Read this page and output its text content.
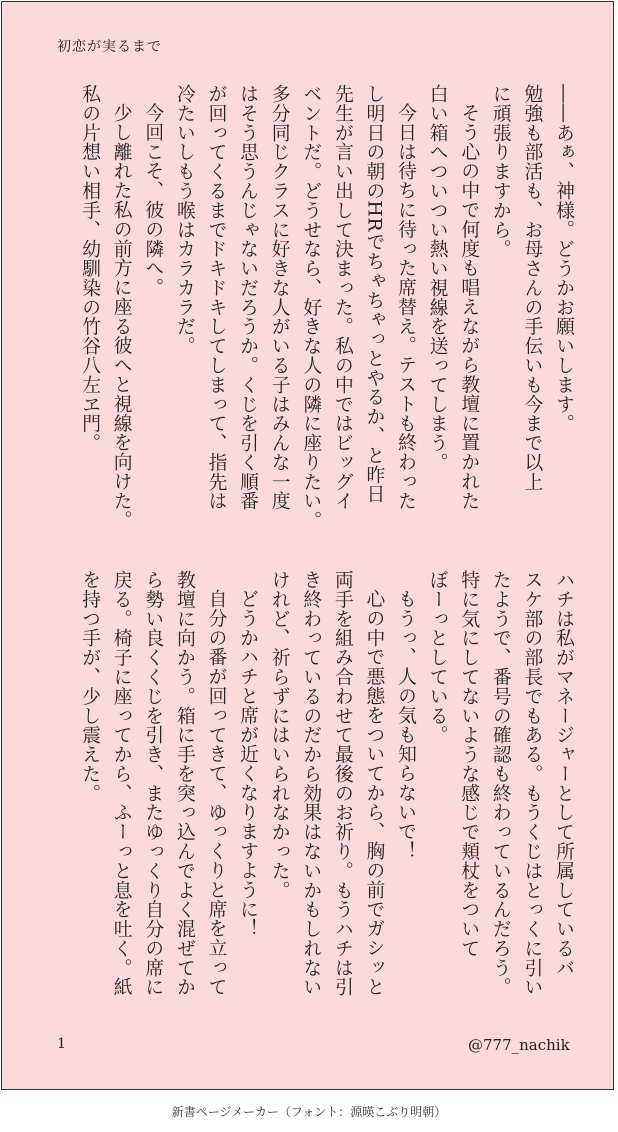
初恋が実るまで
――あぁ、神様。どうかお願いします。
勉強も部活も、お母さんの手伝いも今まで以上
に頑張りますから。
そう心の中で何度も唱えながら教壇に置かれた
白い箱へついつい熱い視線を送ってしまう。
今日は待ちに待った席替え。テストも終わった
し明日の朝のHRでちゃちゃっとやるか、と昨日
先生が言い出して決まった。私の中ではビッグイ
ベントだ。どうせなら、好きな人の隣に座りたい。
多分同じクラスに好きな人がいる子はみんな一度
はそう思うんじゃないだろうか。くじを引く順番
が回ってくるまでドキドキしてしまって、指先は
冷たいしもう喉はカラカラだ。
今回こそ、彼の隣へ。
少し離れた私の前方に座る彼へと視線を向けた。
私の片想い相手、幼馴染の竹谷八左ヱ門。
ハチは私がマネージャーとして所属しているバ
スケ部の部長でもある。もうくじはとっくに引い
たようで、番号の確認も終わっているんだろう。
特に気にしてないような感じで頬杖をついて
ぼーっとしている。
もうっ、人の気も知らないで！
心の中で悪態をついてから、胸の前でガシッと
両手を組み合わせて最後のお祈り。もうハチは引
き終わっているのだから効果はないかもしれない
けれど、祈らずにはいられなかった。
どうかハチと席が近くなりますように！
自分の番が回ってきて、ゆっくりと席を立って
教壇に向かう。箱に手を突っ込んでよく混ぜてか
ら勢い良くくじを引き、またゆっくり自分の席に
戻る。椅子に座ってから、ふーっと息を吐く。紙
を持つ手が、少し震えた。
1	@777_nachik
新書ページメーカー（フォント：源暎こぶり明朝）
